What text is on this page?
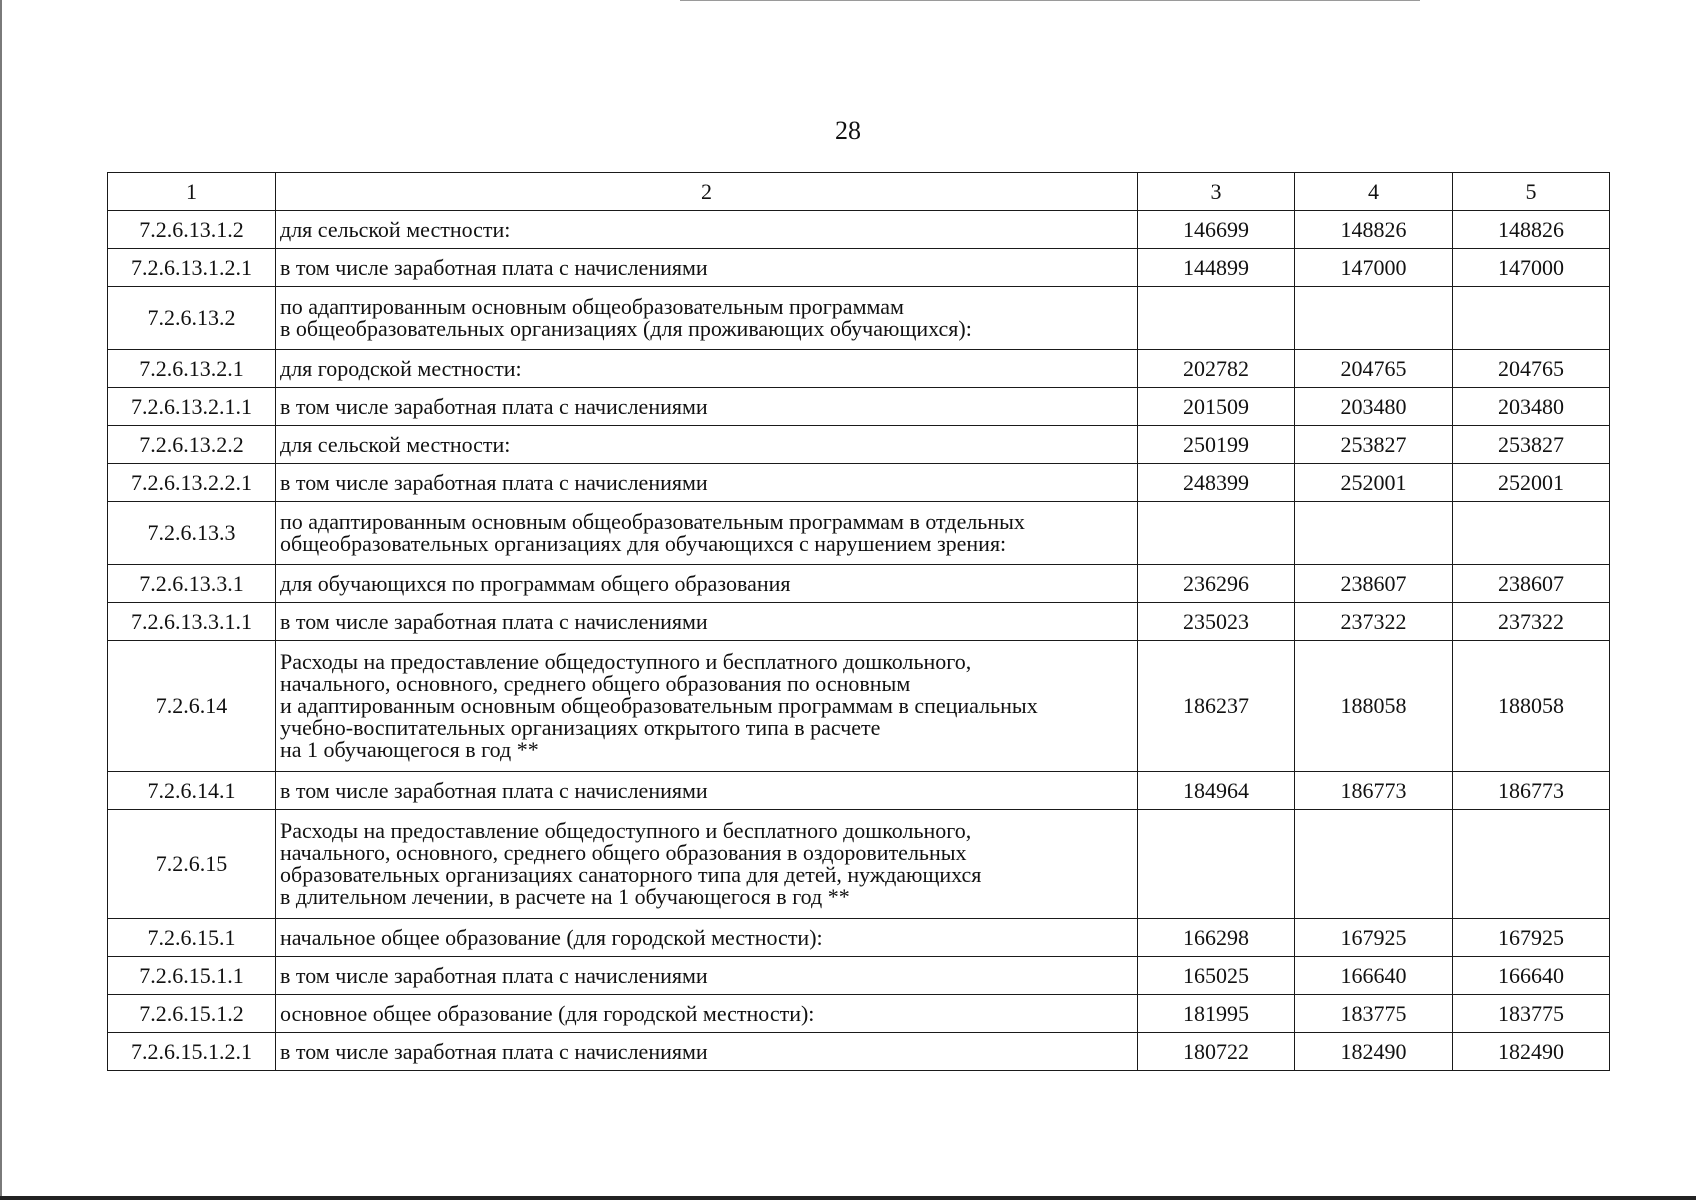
28
1	2	3	4	5
7.2.6.13.1.2	для сельской местности:	146699	148826	148826
7.2.6.13.1.2.1	в том числе заработная плата с начислениями	144899	147000	147000
7.2.6.13.2	по адаптированным основным общеобразовательным программам
в общеобразовательных организациях (для проживающих обучающихся):			
7.2.6.13.2.1	для городской местности:	202782	204765	204765
7.2.6.13.2.1.1	в том числе заработная плата с начислениями	201509	203480	203480
7.2.6.13.2.2	для сельской местности:	250199	253827	253827
7.2.6.13.2.2.1	в том числе заработная плата с начислениями	248399	252001	252001
7.2.6.13.3	по адаптированным основным общеобразовательным программам в отдельных
общеобразовательных организациях для обучающихся с нарушением зрения:			
7.2.6.13.3.1	для обучающихся по программам общего образования	236296	238607	238607
7.2.6.13.3.1.1	в том числе заработная плата с начислениями	235023	237322	237322
7.2.6.14	Расходы на предоставление общедоступного и бесплатного дошкольного,
начального, основного, среднего общего образования по основным
и адаптированным основным общеобразовательным программам в специальных
учебно-воспитательных организациях открытого типа в расчете
на 1 обучающегося в год **	186237	188058	188058
7.2.6.14.1	в том числе заработная плата с начислениями	184964	186773	186773
7.2.6.15	Расходы на предоставление общедоступного и бесплатного дошкольного,
начального, основного, среднего общего образования в оздоровительных
образовательных организациях санаторного типа для детей, нуждающихся
в длительном лечении, в расчете на 1 обучающегося в год **			
7.2.6.15.1	начальное общее образование (для городской местности):	166298	167925	167925
7.2.6.15.1.1	в том числе заработная плата с начислениями	165025	166640	166640
7.2.6.15.1.2	основное общее образование (для городской местности):	181995	183775	183775
7.2.6.15.1.2.1	в том числе заработная плата с начислениями	180722	182490	182490
